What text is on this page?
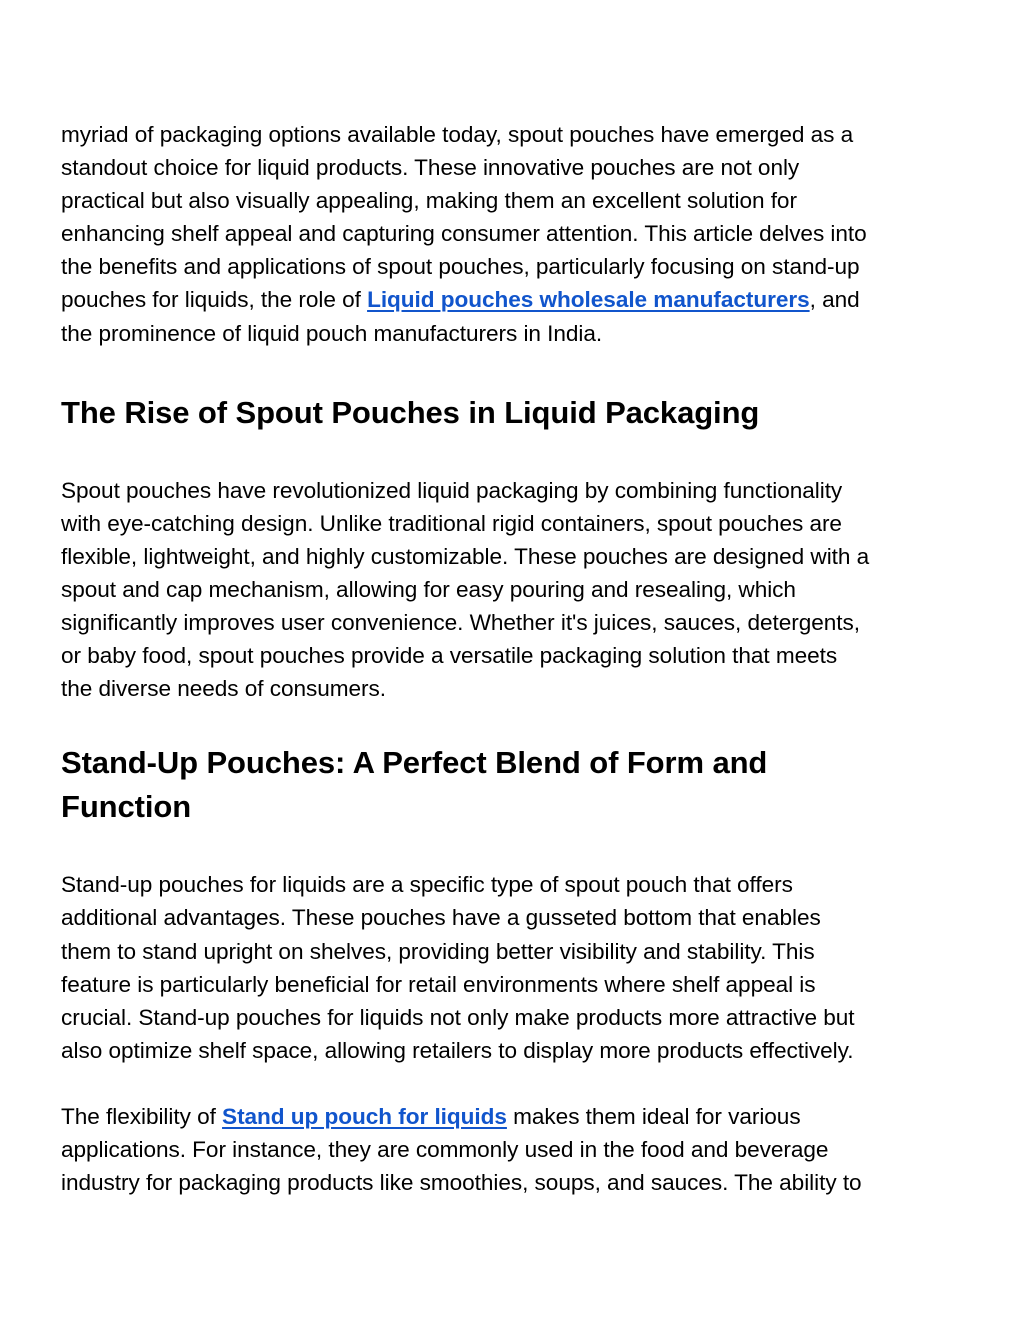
myriad of packaging options available today, spout pouches have emerged as a
standout choice for liquid products. These innovative pouches are not only
practical but also visually appealing, making them an excellent solution for
enhancing shelf appeal and capturing consumer attention. This article delves into
the benefits and applications of spout pouches, particularly focusing on stand-up
pouches for liquids, the role of Liquid pouches wholesale manufacturers, and
the prominence of liquid pouch manufacturers in India.

The Rise of Spout Pouches in Liquid Packaging

Spout pouches have revolutionized liquid packaging by combining functionality
with eye-catching design. Unlike traditional rigid containers, spout pouches are
flexible, lightweight, and highly customizable. These pouches are designed with a
spout and cap mechanism, allowing for easy pouring and resealing, which
significantly improves user convenience. Whether it's juices, sauces, detergents,
or baby food, spout pouches provide a versatile packaging solution that meets
the diverse needs of consumers.

Stand-Up Pouches: A Perfect Blend of Form and
Function

Stand-up pouches for liquids are a specific type of spout pouch that offers
additional advantages. These pouches have a gusseted bottom that enables
them to stand upright on shelves, providing better visibility and stability. This
feature is particularly beneficial for retail environments where shelf appeal is
crucial. Stand-up pouches for liquids not only make products more attractive but
also optimize shelf space, allowing retailers to display more products effectively.

The flexibility of Stand up pouch for liquids makes them ideal for various
applications. For instance, they are commonly used in the food and beverage
industry for packaging products like smoothies, soups, and sauces. The ability to
